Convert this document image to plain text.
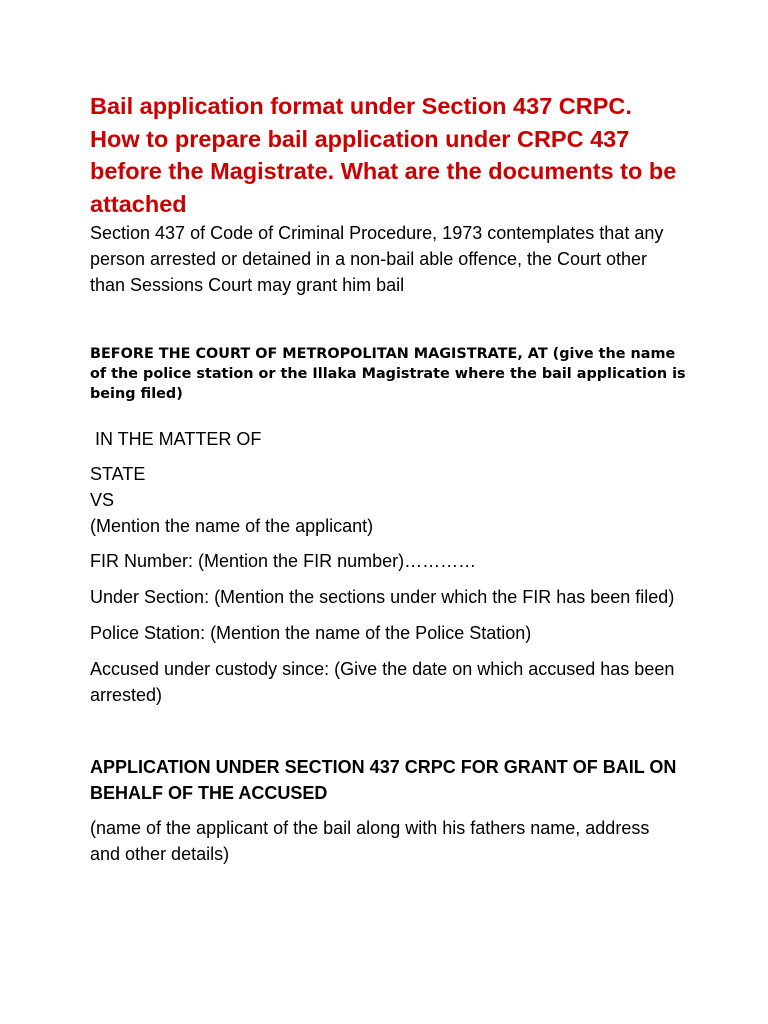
Bail application format under Section 437 CRPC. How to prepare bail application under CRPC 437 before the Magistrate. What are the documents to be attached

Section 437 of Code of Criminal Procedure, 1973 contemplates that any person arrested or detained in a non-bail able offence, the Court other than Sessions Court may grant him bail

BEFORE THE COURT OF METROPOLITAN MAGISTRATE, AT (give the name of the police station or the Illaka Magistrate where the bail application is being filed)

IN THE MATTER OF

STATE
VS
(Mention the name of the applicant)

FIR Number: (Mention the FIR number)…………

Under Section: (Mention the sections under which the FIR has been filed)

Police Station: (Mention the name of the Police Station)

Accused under custody since: (Give the date on which accused has been arrested)

APPLICATION UNDER SECTION 437 CRPC FOR GRANT OF BAIL ON BEHALF OF THE ACCUSED

(name of the applicant of the bail along with his fathers name, address and other details)
